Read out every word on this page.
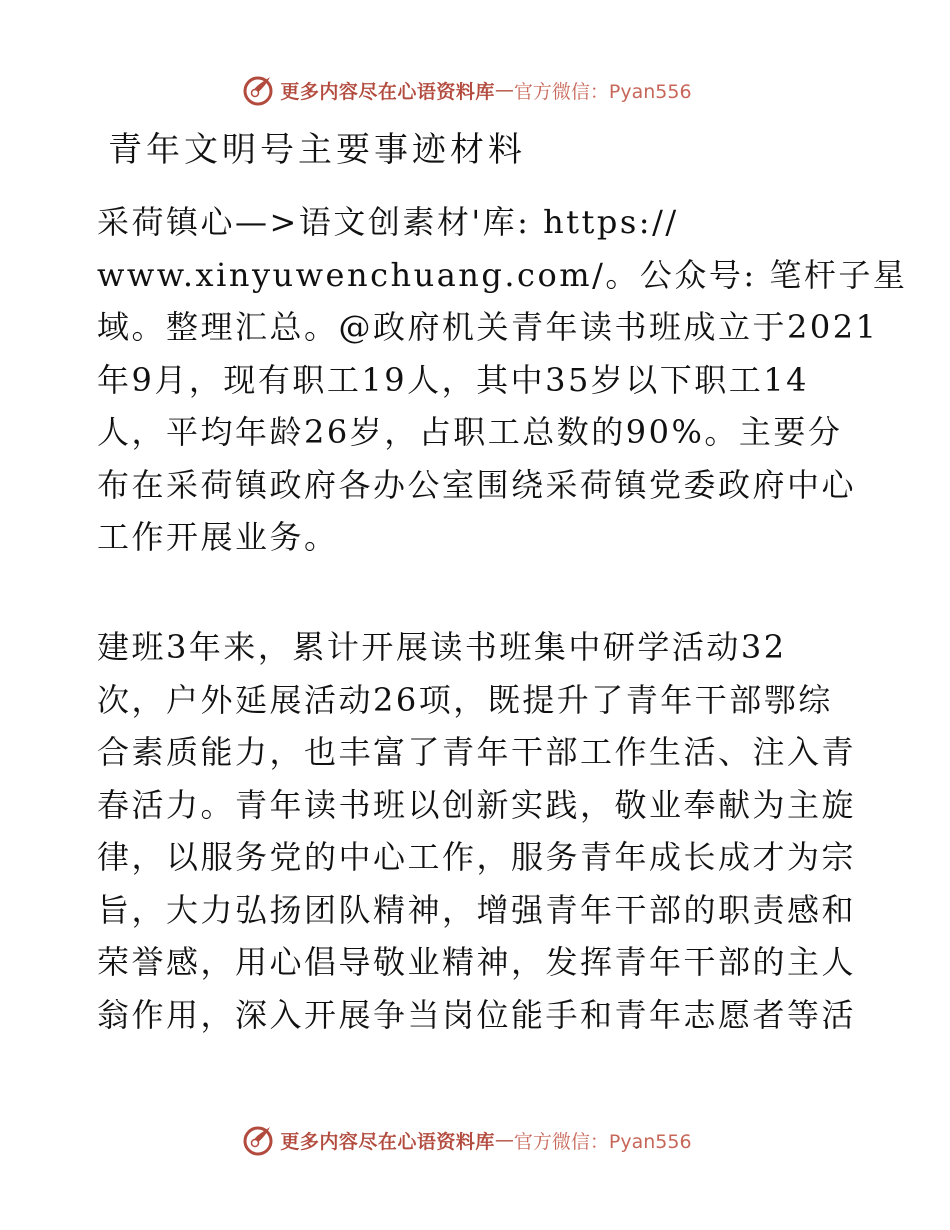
更多内容尽在心语资料库 — 官方微信：Pyan556
青年文明号主要事迹材料
采荷镇心—>语文创素材'库: https://
www.xinyuwenchuang.com/。公众号: 笔杆子星
域。整理汇总。@政府机关青年读书班成立于2021
年9月，现有职工19人，其中35岁以下职工14
人，平均年龄26岁，占职工总数的90%。主要分
布在采荷镇政府各办公室围绕采荷镇党委政府中心
工作开展业务。
建班3年来，累计开展读书班集中研学活动32
次，户外延展活动26项，既提升了青年干部鄂综
合素质能力，也丰富了青年干部工作生活、注入青
春活力。青年读书班以创新实践，敬业奉献为主旋
律，以服务党的中心工作，服务青年成长成才为宗
旨，大力弘扬团队精神，增强青年干部的职责感和
荣誉感，用心倡导敬业精神，发挥青年干部的主人
翁作用，深入开展争当岗位能手和青年志愿者等活
更多内容尽在心语资料库 — 官方微信：Pyan556
